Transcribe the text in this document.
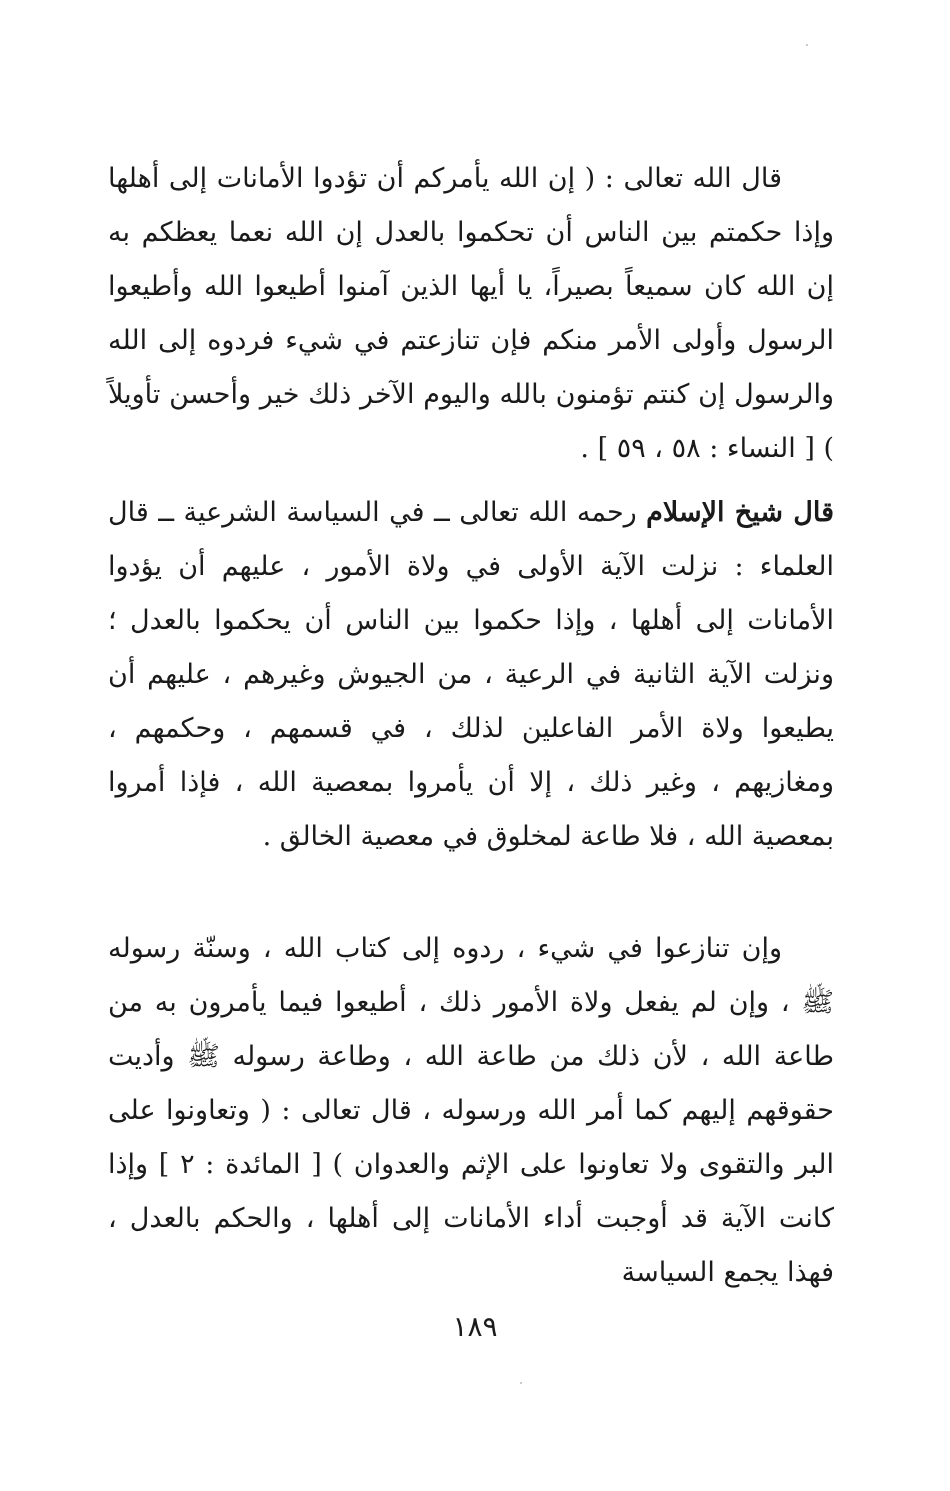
قال الله تعالى : ( إن الله يأمركم أن تؤدوا الأمانات إلى أهلها وإذا حكمتم بين الناس أن تحكموا بالعدل إن الله نعما يعظكم به إن الله كان سميعاً بصيراً، يا أيها الذين آمنوا أطيعوا الله وأطيعوا الرسول وأولى الأمر منكم فإن تنازعتم في شيء فردوه إلى الله والرسول إن كنتم تؤمنون بالله واليوم الآخر ذلك خير وأحسن تأويلاً ) [ النساء : ٥٨ ، ٥٩ ] .
قال شيخ الإسلام رحمه الله تعالى ــ في السياسة الشرعية ــ قال العلماء : نزلت الآية الأولى في ولاة الأمور ، عليهم أن يؤدوا الأمانات إلى أهلها ، وإذا حكموا بين الناس أن يحكموا بالعدل ؛ ونزلت الآية الثانية في الرعية ، من الجيوش وغيرهم ، عليهم أن يطيعوا ولاة الأمر الفاعلين لذلك ، في قسمهم ، وحكمهم ، ومغازيهم ، وغير ذلك ، إلا أن يأمروا بمعصية الله ، فإذا أمروا بمعصية الله ، فلا طاعة لمخلوق في معصية الخالق .
وإن تنازعوا في شيء ، ردوه إلى كتاب الله ، وسنّة رسوله ﷺ ، وإن لم يفعل ولاة الأمور ذلك ، أطيعوا فيما يأمرون به من طاعة الله ، لأن ذلك من طاعة الله ، وطاعة رسوله ﷺ وأديت حقوقهم إليهم كما أمر الله ورسوله ، قال تعالى : ( وتعاونوا على البر والتقوى ولا تعاونوا على الإثم والعدوان ) [ المائدة : ٢ ] وإذا كانت الآية قد أوجبت أداء الأمانات إلى أهلها ، والحكم بالعدل ، فهذا يجمع السياسة
١٨٩
